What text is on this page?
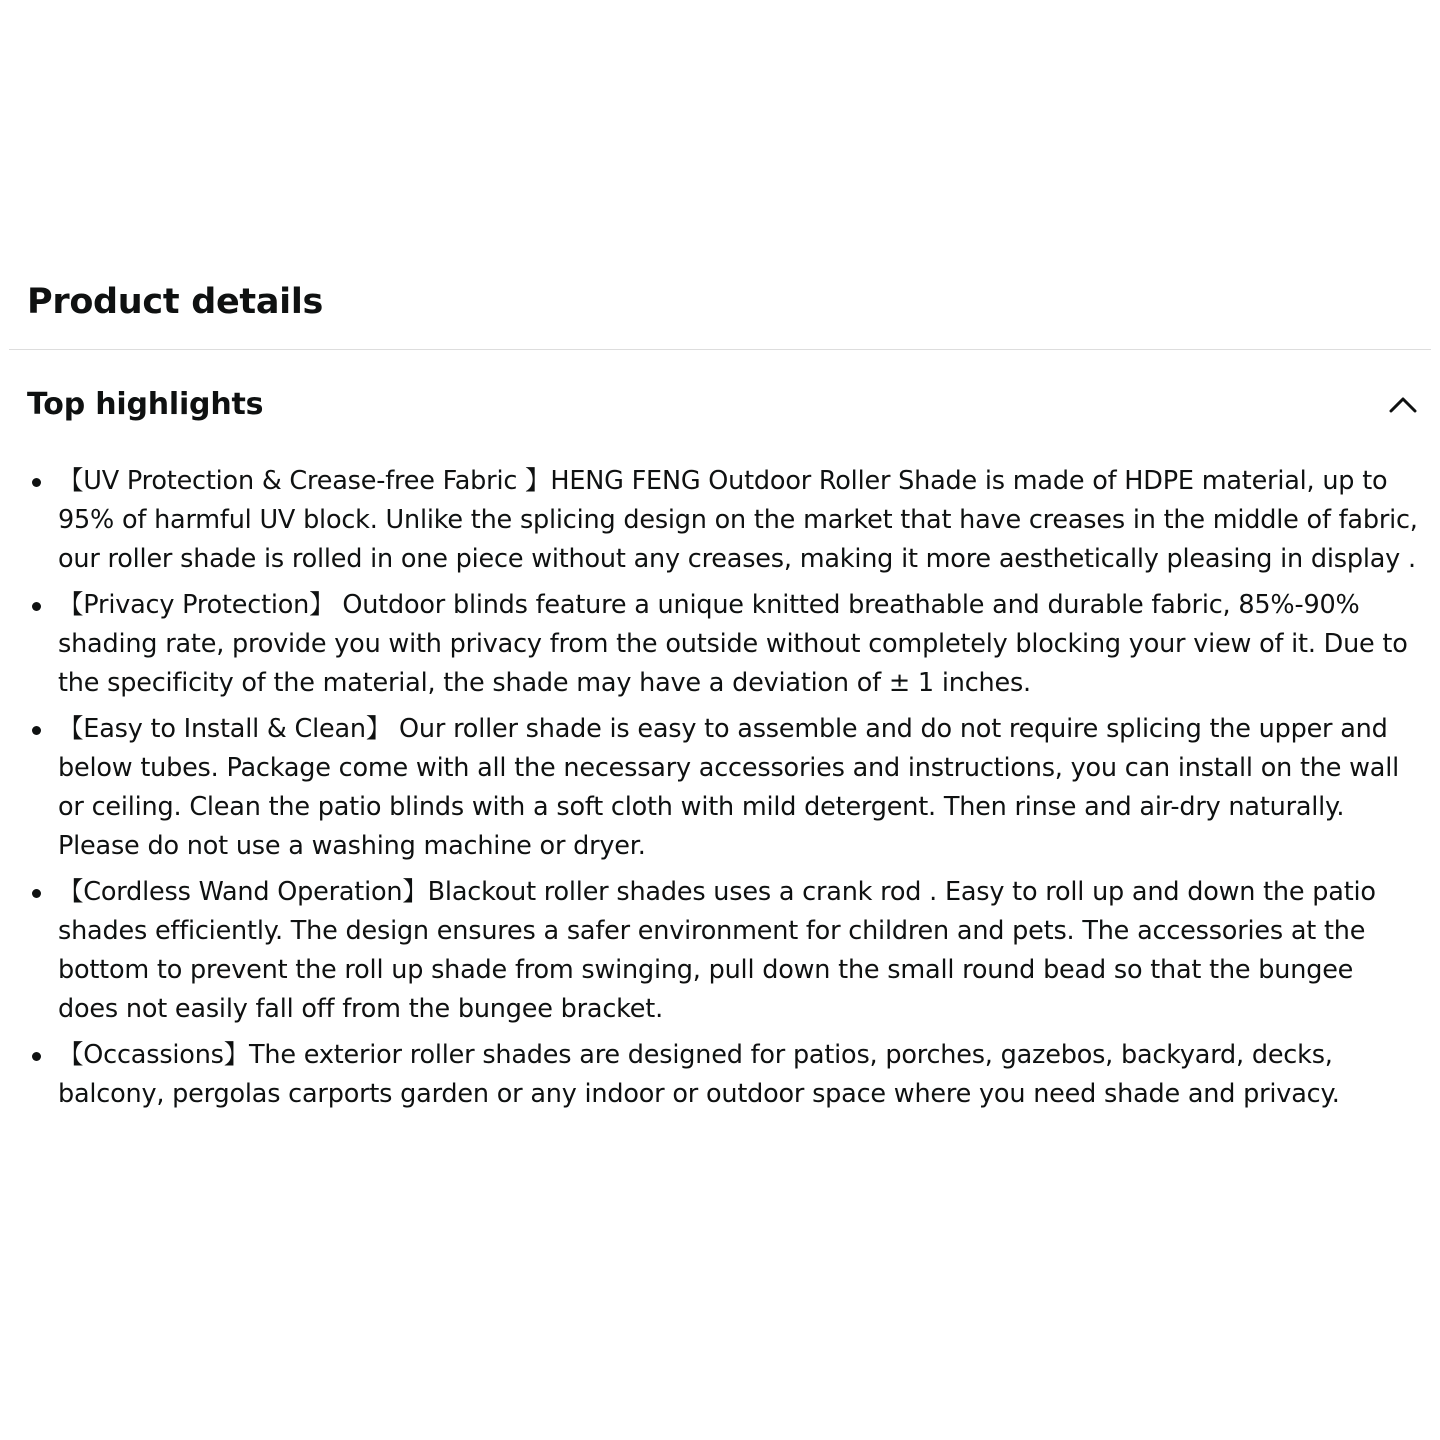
Product details
Top highlights
【UV Protection & Crease-free Fabric 】HENG FENG Outdoor Roller Shade is made of HDPE material, up to 95% of harmful UV block. Unlike the splicing design on the market that have creases in the middle of fabric, our roller shade is rolled in one piece without any creases, making it more aesthetically pleasing in display .
【Privacy Protection】 Outdoor blinds feature a unique knitted breathable and durable fabric, 85%-90% shading rate, provide you with privacy from the outside without completely blocking your view of it. Due to the specificity of the material, the shade may have a deviation of ± 1 inches.
【Easy to Install & Clean】 Our roller shade is easy to assemble and do not require splicing the upper and below tubes. Package come with all the necessary accessories and instructions, you can install on the wall or ceiling. Clean the patio blinds with a soft cloth with mild detergent. Then rinse and air-dry naturally. Please do not use a washing machine or dryer.
【Cordless Wand Operation】Blackout roller shades uses a crank rod . Easy to roll up and down the patio shades efficiently. The design ensures a safer environment for children and pets. The accessories at the bottom to prevent the roll up shade from swinging, pull down the small round bead so that the bungee does not easily fall off from the bungee bracket.
【Occassions】The exterior roller shades are designed for patios, porches, gazebos, backyard, decks, balcony, pergolas carports garden or any indoor or outdoor space where you need shade and privacy.
